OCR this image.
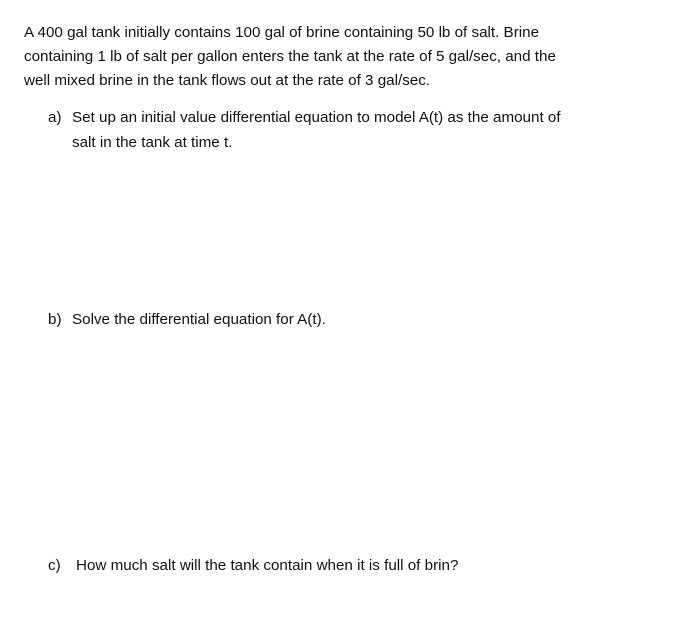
A 400 gal tank initially contains 100 gal of brine containing 50 lb of salt. Brine
containing 1 lb of salt per gallon enters the tank at the rate of 5 gal/sec, and the
well mixed brine in the tank flows out at the rate of 3 gal/sec.

a) Set up an initial value differential equation to model A(t) as the amount of
salt in the tank at time t.

b) Solve the differential equation for A(t).

c) How much salt will the tank contain when it is full of brin?
